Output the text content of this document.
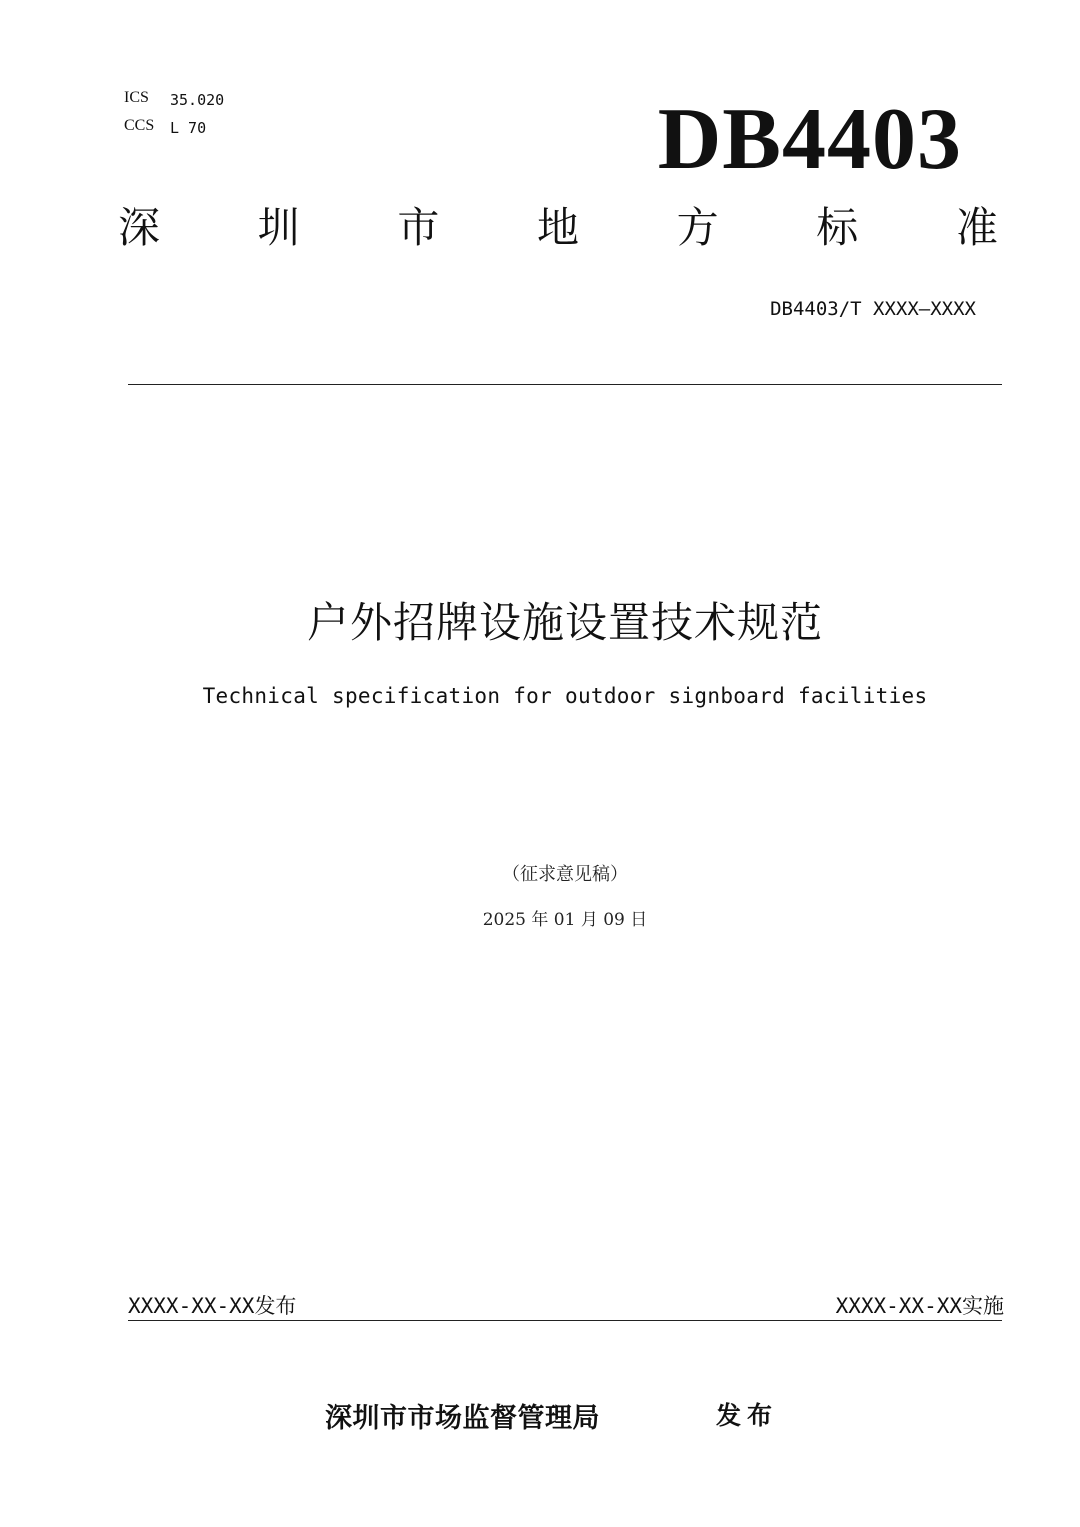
ICS 35.020
CCS L 70	DB4403
深 圳 市 地 方 标 准
DB4403/T XXXX—XXXX
户外招牌设施设置技术规范
Technical specification for outdoor signboard facilities
（征求意见稿）
2025 年 01 月 09 日
XXXX-XX-XX发布	XXXX-XX-XX实施
深圳市市场监督管理局	发布
